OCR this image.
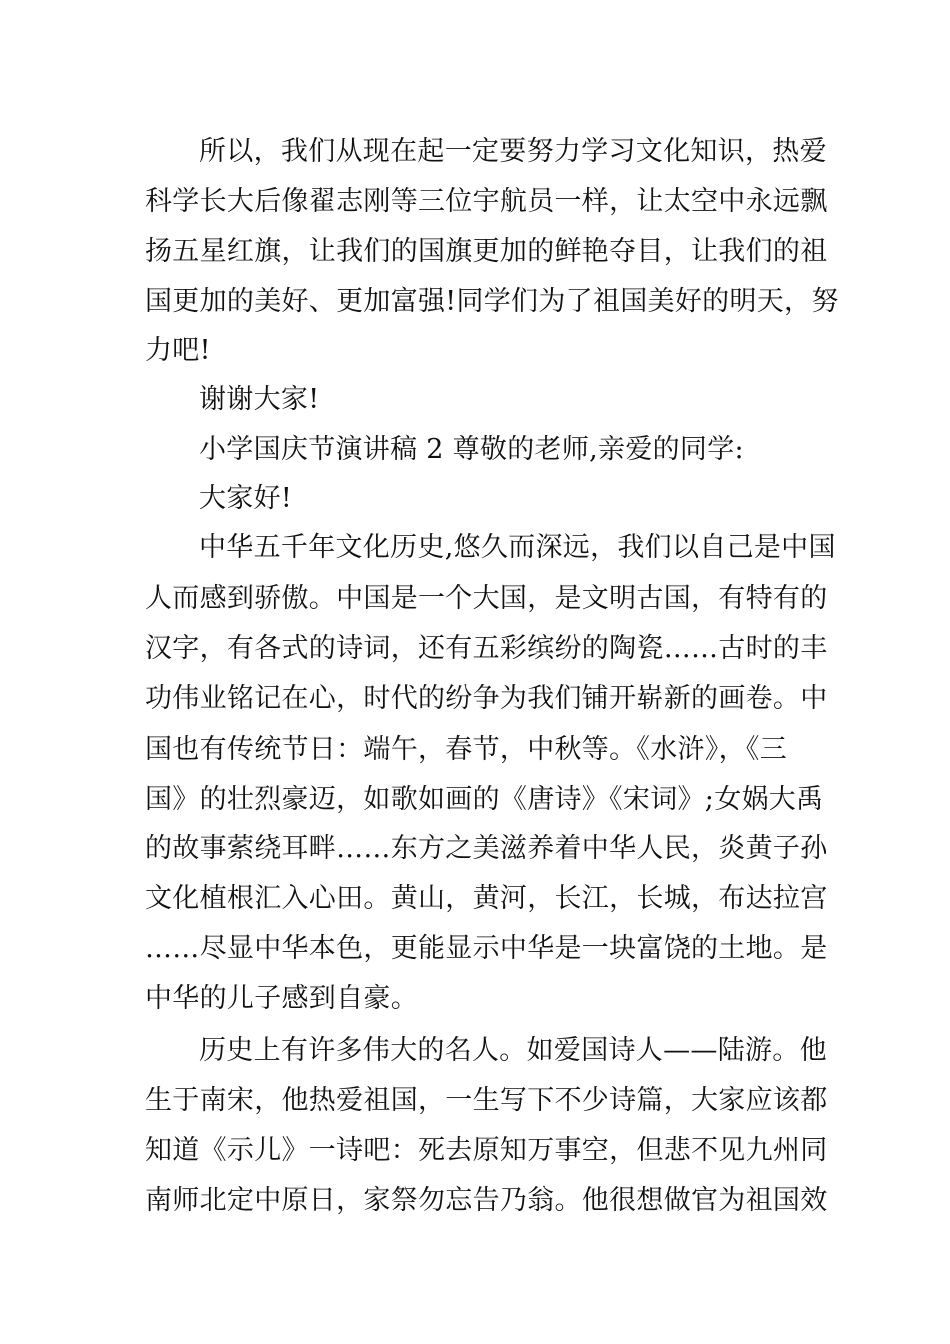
所以，我们从现在起一定要努力学习文化知识，热爱
科学长大后像翟志刚等三位宇航员一样，让太空中永远飘
扬五星红旗，让我们的国旗更加的鲜艳夺目，让我们的祖
国更加的美好、更加富强!同学们为了祖国美好的明天，努
力吧!
谢谢大家!
小学国庆节演讲稿 2 尊敬的老师,亲爱的同学:
大家好!
中华五千年文化历史,悠久而深远，我们以自己是中国
人而感到骄傲。中国是一个大国，是文明古国，有特有的
汉字，有各式的诗词，还有五彩缤纷的陶瓷……古时的丰
功伟业铭记在心，时代的纷争为我们铺开崭新的画卷。中
国也有传统节日：端午，春节，中秋等。《水浒》，《三
国》的壮烈豪迈，如歌如画的《唐诗》《宋词》;女娲大禹
的故事萦绕耳畔……东方之美滋养着中华人民，炎黄子孙
文化植根汇入心田。黄山，黄河，长江，长城，布达拉宫
……尽显中华本色，更能显示中华是一块富饶的土地。是
中华的儿子感到自豪。
历史上有许多伟大的名人。如爱国诗人——陆游。他
生于南宋，他热爱祖国，一生写下不少诗篇，大家应该都
知道《示儿》一诗吧：死去原知万事空，但悲不见九州同
南师北定中原日，家祭勿忘告乃翁。他很想做官为祖国效
